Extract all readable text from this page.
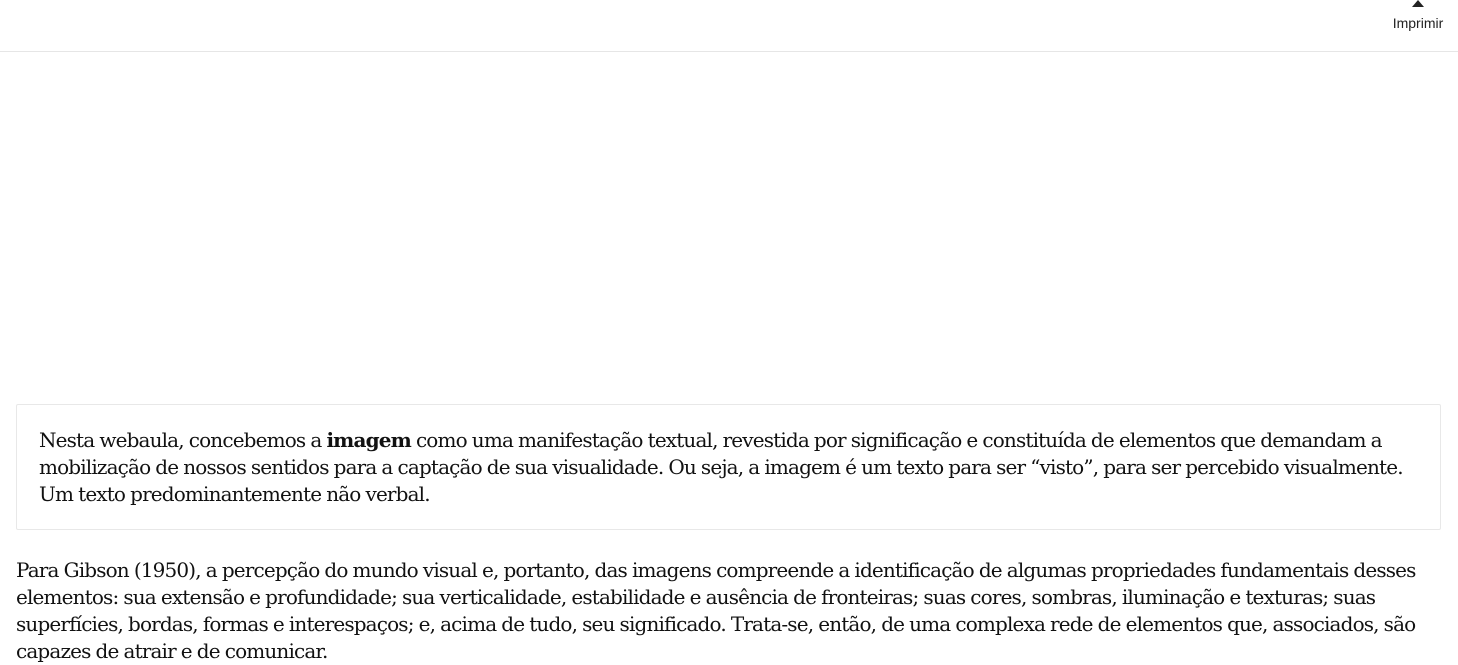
Imprimir

Nesta webaula, concebemos a imagem como uma manifestação textual, revestida por significação e constituída de elementos que demandam a mobilização de nossos sentidos para a captação de sua visualidade. Ou seja, a imagem é um texto para ser “visto”, para ser percebido visualmente. Um texto predominantemente não verbal.

Para Gibson (1950), a percepção do mundo visual e, portanto, das imagens compreende a identificação de algumas propriedades fundamentais desses elementos: sua extensão e profundidade; sua verticalidade, estabilidade e ausência de fronteiras; suas cores, sombras, iluminação e texturas; suas superfícies, bordas, formas e interespaços; e, acima de tudo, seu significado. Trata-se, então, de uma complexa rede de elementos que, associados, são capazes de atrair e de comunicar.
